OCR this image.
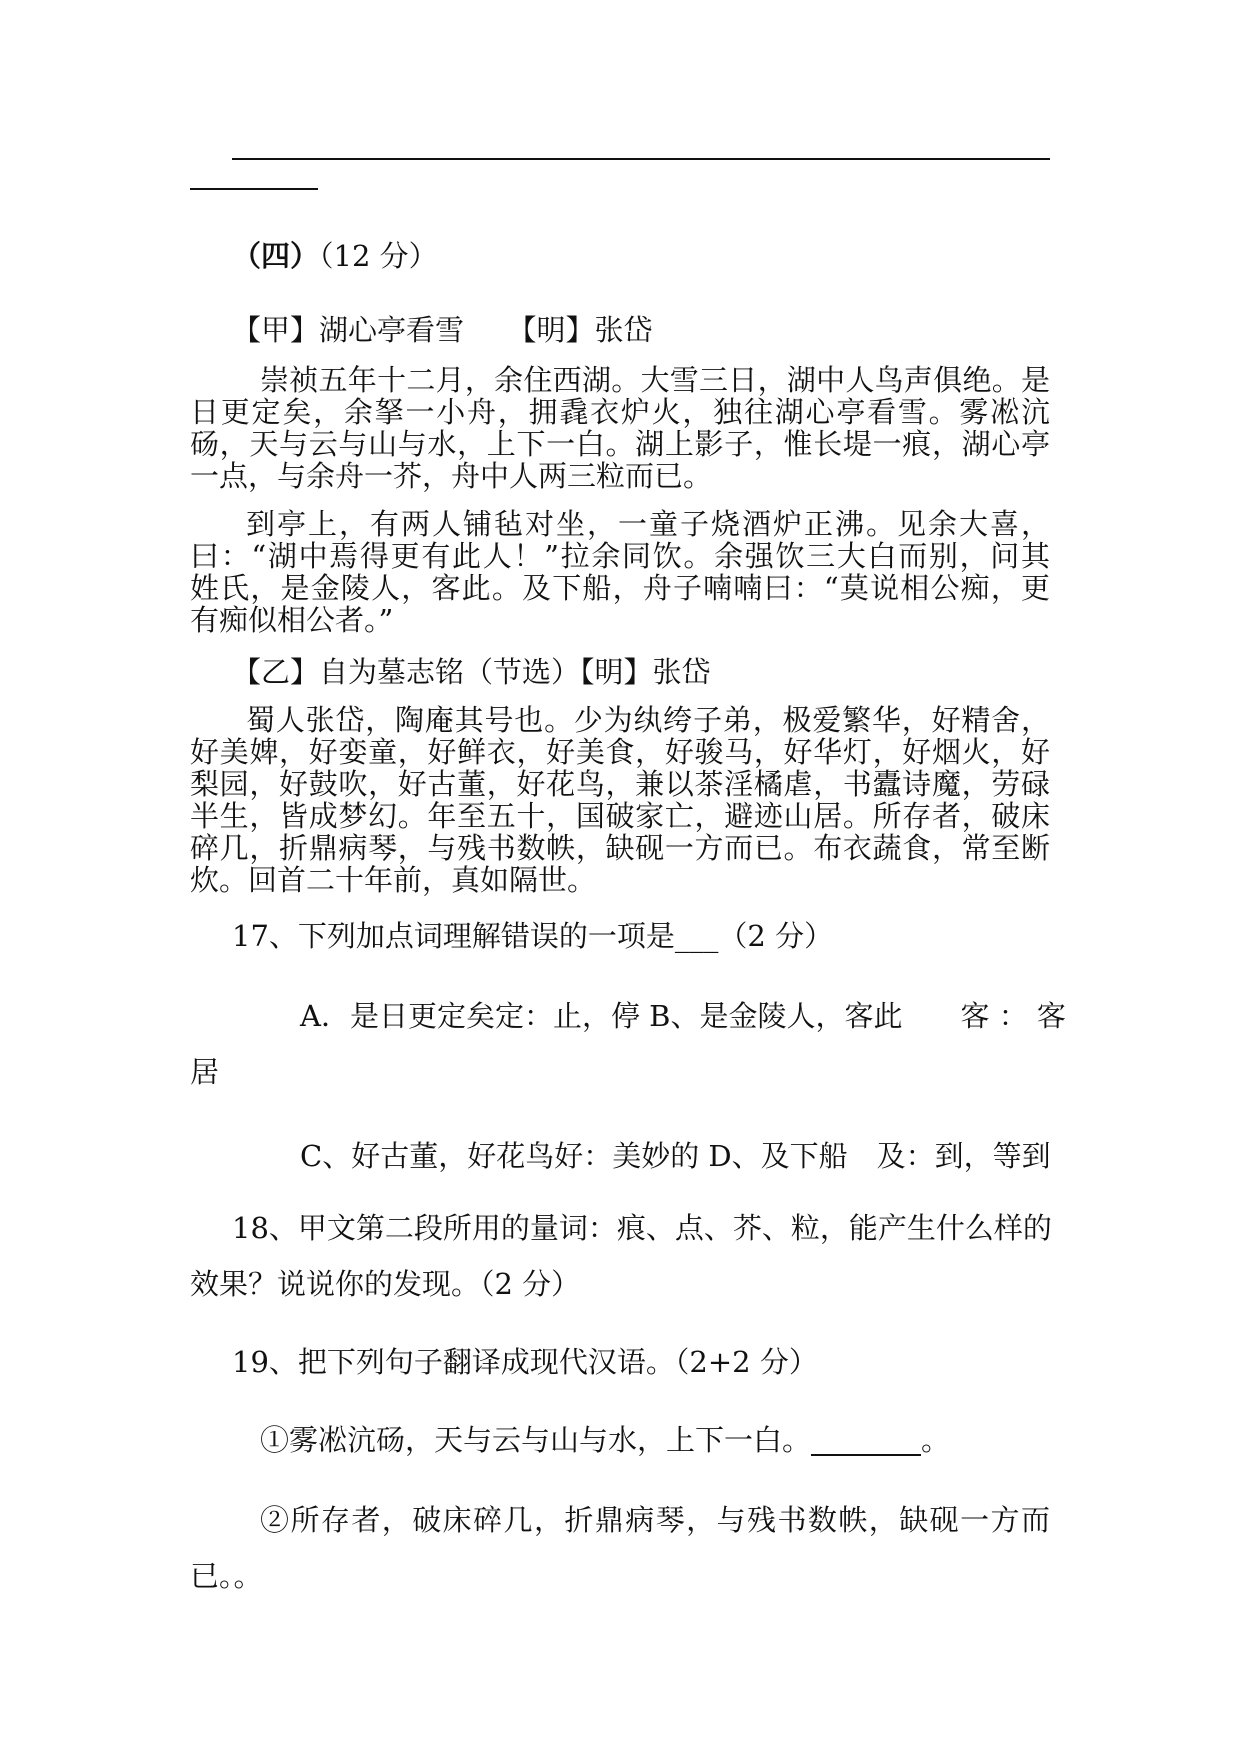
（四）（12 分）
【甲】湖心亭看雪　　【明】张岱
崇祯五年十二月，余住西湖。大雪三日，湖中人鸟声俱绝。是
日更定矣，余拏一小舟，拥毳衣炉火，独往湖心亭看雪。雾凇沆
砀，天与云与山与水，上下一白。湖上影子，惟长堤一痕，湖心亭
一点，与余舟一芥，舟中人两三粒而已。
到亭上，有两人铺毡对坐，一童子烧酒炉正沸。见余大喜，
曰：“湖中焉得更有此人！”拉余同饮。余强饮三大白而别，问其
姓氏，是金陵人，客此。及下船，舟子喃喃曰：“莫说相公痴，更
有痴似相公者。”
【乙】自为墓志铭（节选）【明】张岱
蜀人张岱，陶庵其号也。少为纨绔子弟，极爱繁华，好精舍，
好美婢，好娈童，好鲜衣，好美食，好骏马，好华灯，好烟火，好
梨园，好鼓吹，好古董，好花鸟，兼以茶淫橘虐，书蠹诗魔，劳碌
半生，皆成梦幻。年至五十，国破家亡，避迹山居。所存者，破床
碎几，折鼎病琴，与残书数帙，缺砚一方而已。布衣蔬食，常至断
炊。回首二十年前，真如隔世。
17、下列加点词理解错误的一项是___（2 分）
A．是日更定矣定：止，停 B、是金陵人，客此　　客 ： 客
居
C、好古董，好花鸟好：美妙的 D、及下船　及：到，等到
18、甲文第二段所用的量词：痕、点、芥、粒，能产生什么样的
效果？说说你的发现。（2 分）
19、把下列句子翻译成现代汉语。（2+2 分）
①雾凇沆砀，天与云与山与水，上下一白。	。
②所存者，破床碎几，折鼎病琴，与残书数帙，缺砚一方而
已。。
